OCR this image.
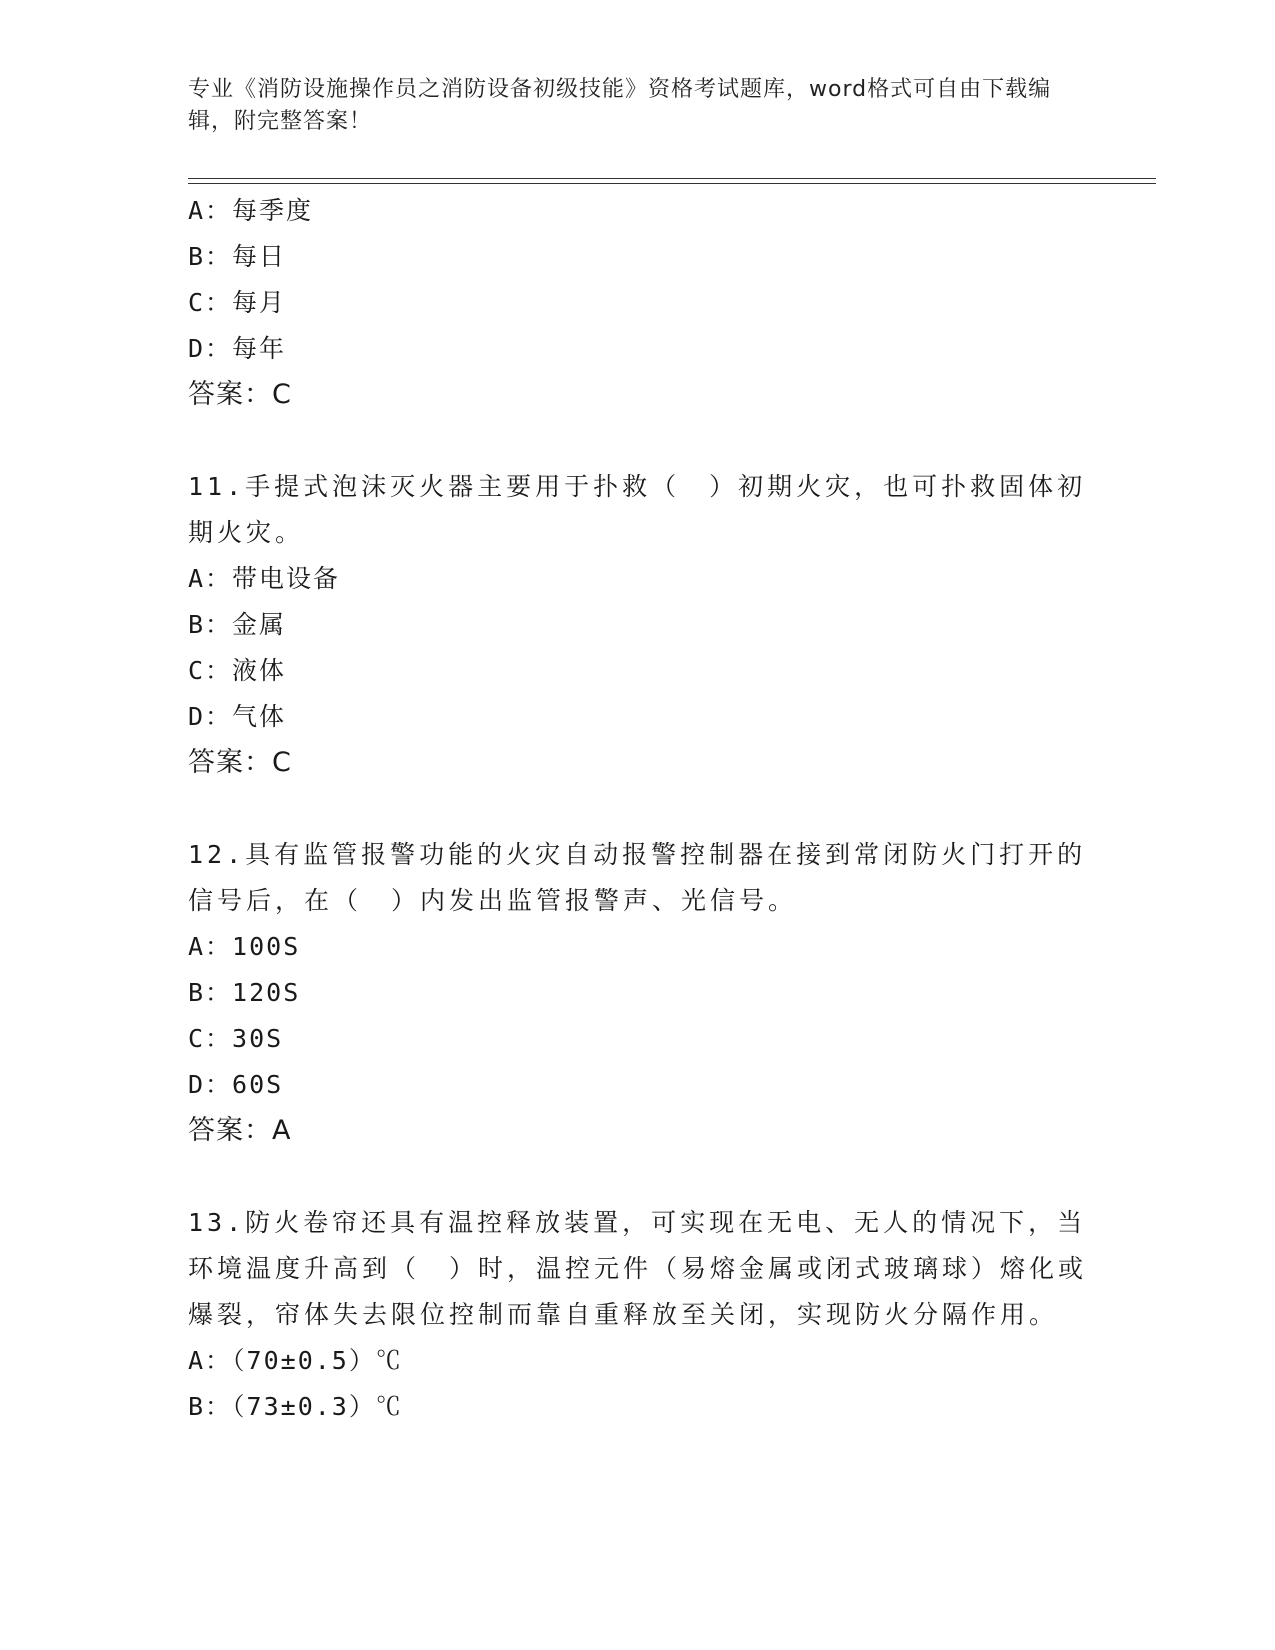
专业《消防设施操作员之消防设备初级技能》资格考试题库，word格式可自由下载编辑，附完整答案！
A：每季度
B：每日
C：每月
D：每年
答案：C
11.手提式泡沫灭火器主要用于扑救（　）初期火灾，也可扑救固体初期火灾。
A：带电设备
B：金属
C：液体
D：气体
答案：C
12.具有监管报警功能的火灾自动报警控制器在接到常闭防火门打开的信号后，在（　）内发出监管报警声、光信号。
A：100S
B：120S
C：30S
D：60S
答案：A
13.防火卷帘还具有温控释放装置，可实现在无电、无人的情况下，当环境温度升高到（　）时，温控元件（易熔金属或闭式玻璃球）熔化或爆裂，帘体失去限位控制而靠自重释放至关闭，实现防火分隔作用。
A：（70±0.5）℃
B：（73±0.3）℃
